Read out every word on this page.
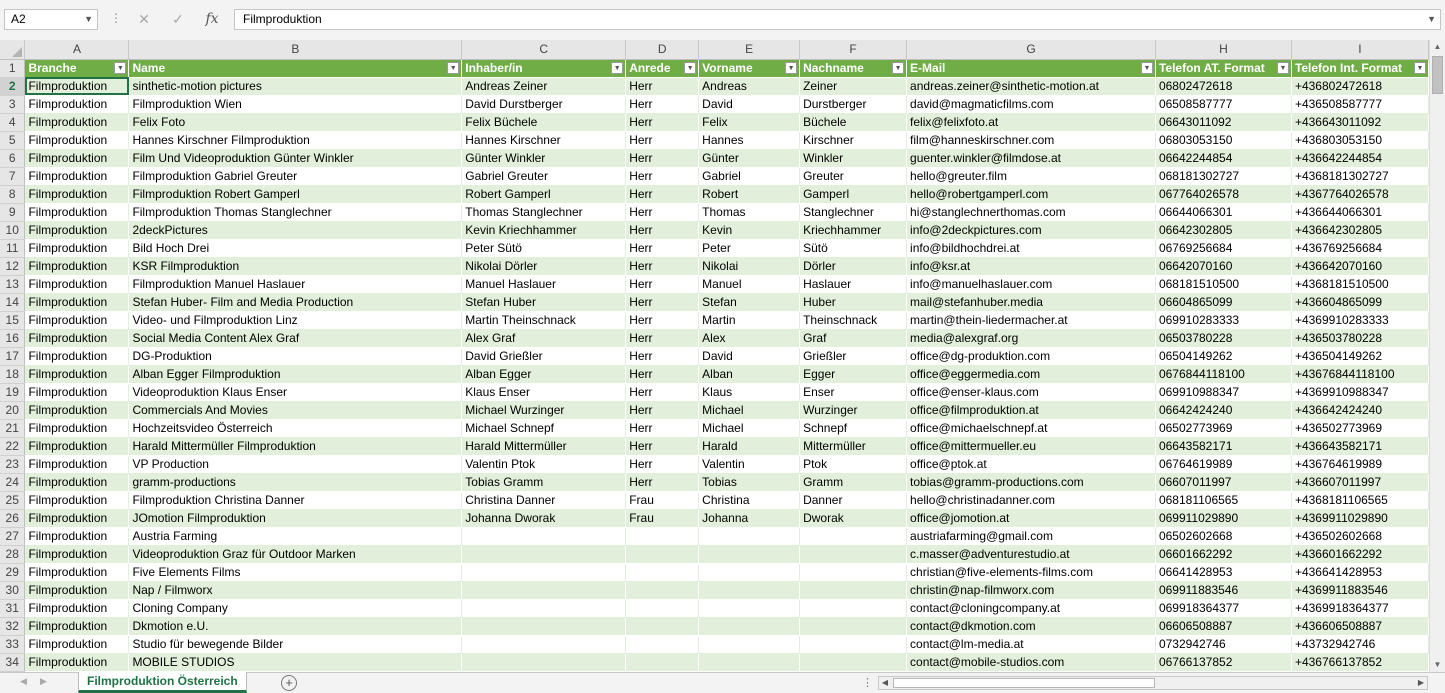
A2	▼ ⋮	✕	✓	fx	Filmproduktion	▼
	A	B	C	D	E	F	G	H	I
1	Branche ▼	Name ▼	Inhaber/in ▼	Anrede ▼	Vorname ▼	Nachname ▼	E-Mail ▼	Telefon AT. Format ▼	Telefon Int. Format ▼

2	Filmproduktion	sinthetic-motion pictures	Andreas Zeiner	Herr	Andreas	Zeiner	andreas.zeiner@sinthetic-motion.at	06802472618	+436802472618
3	Filmproduktion	Filmproduktion Wien	David Durstberger	Herr	David	Durstberger	david@magmaticfilms.com	06508587777	+436508587777
4	Filmproduktion	Felix Foto	Felix Büchele	Herr	Felix	Büchele	felix@felixfoto.at	06643011092	+436643011092
5	Filmproduktion	Hannes Kirschner Filmproduktion	Hannes Kirschner	Herr	Hannes	Kirschner	film@hanneskirschner.com	06803053150	+436803053150
6	Filmproduktion	Film Und Videoproduktion Günter Winkler	Günter Winkler	Herr	Günter	Winkler	guenter.winkler@filmdose.at	06642244854	+436642244854
7	Filmproduktion	Filmproduktion Gabriel Greuter	Gabriel Greuter	Herr	Gabriel	Greuter	hello@greuter.film	068181302727	+4368181302727
8	Filmproduktion	Filmproduktion Robert Gamperl	Robert Gamperl	Herr	Robert	Gamperl	hello@robertgamperl.com	067764026578	+4367764026578
9	Filmproduktion	Filmproduktion Thomas Stanglechner	Thomas Stanglechner	Herr	Thomas	Stanglechner	hi@stanglechnerthomas.com	06644066301	+436644066301
10	Filmproduktion	2deckPictures	Kevin Kriechhammer	Herr	Kevin	Kriechhammer	info@2deckpictures.com	06642302805	+436642302805
11	Filmproduktion	Bild Hoch Drei	Peter Sütö	Herr	Peter	Sütö	info@bildhochdrei.at	06769256684	+436769256684
12	Filmproduktion	KSR Filmproduktion	Nikolai Dörler	Herr	Nikolai	Dörler	info@ksr.at	06642070160	+436642070160
13	Filmproduktion	Filmproduktion Manuel Haslauer	Manuel Haslauer	Herr	Manuel	Haslauer	info@manuelhaslauer.com	068181510500	+4368181510500
14	Filmproduktion	Stefan Huber- Film and Media Production	Stefan Huber	Herr	Stefan	Huber	mail@stefanhuber.media	06604865099	+436604865099
15	Filmproduktion	Video- und Filmproduktion Linz	Martin Theinschnack	Herr	Martin	Theinschnack	martin@thein-liedermacher.at	069910283333	+4369910283333
16	Filmproduktion	Social Media Content Alex Graf	Alex Graf	Herr	Alex	Graf	media@alexgraf.org	06503780228	+436503780228
17	Filmproduktion	DG-Produktion	David Grießler	Herr	David	Grießler	office@dg-produktion.com	06504149262	+436504149262
18	Filmproduktion	Alban Egger Filmproduktion	Alban Egger	Herr	Alban	Egger	office@eggermedia.com	0676844118100	+43676844118100
19	Filmproduktion	Videoproduktion Klaus Enser	Klaus Enser	Herr	Klaus	Enser	office@enser-klaus.com	069910988347	+4369910988347
20	Filmproduktion	Commercials And Movies	Michael Wurzinger	Herr	Michael	Wurzinger	office@filmproduktion.at	06642424240	+436642424240
21	Filmproduktion	Hochzeitsvideo Österreich	Michael Schnepf	Herr	Michael	Schnepf	office@michaelschnepf.at	06502773969	+436502773969
22	Filmproduktion	Harald Mittermüller Filmproduktion	Harald Mittermüller	Herr	Harald	Mittermüller	office@mittermueller.eu	06643582171	+436643582171
23	Filmproduktion	VP Production	Valentin Ptok	Herr	Valentin	Ptok	office@ptok.at	06764619989	+436764619989
24	Filmproduktion	gramm-productions	Tobias Gramm	Herr	Tobias	Gramm	tobias@gramm-productions.com	06607011997	+436607011997
25	Filmproduktion	Filmproduktion Christina Danner	Christina Danner	Frau	Christina	Danner	hello@christinadanner.com	068181106565	+4368181106565
26	Filmproduktion	JOmotion Filmproduktion	Johanna Dworak	Frau	Johanna	Dworak	office@jomotion.at	069911029890	+4369911029890
27	Filmproduktion	Austria Farming					austriafarming@gmail.com	06502602668	+436502602668
28	Filmproduktion	Videoproduktion Graz für Outdoor Marken					c.masser@adventurestudio.at	06601662292	+436601662292
29	Filmproduktion	Five Elements Films					christian@five-elements-films.com	06641428953	+436641428953
30	Filmproduktion	Nap / Filmworx					christin@nap-filmworx.com	069911883546	+4369911883546
31	Filmproduktion	Cloning Company					contact@cloningcompany.at	069918364377	+4369918364377
32	Filmproduktion	Dkmotion e.U.					contact@dkmotion.com	06606508887	+436606508887
33	Filmproduktion	Studio für bewegende Bilder					contact@lm-media.at	0732942746	+43732942746
34	Filmproduktion	MOBILE STUDIOS					contact@mobile-studios.com	06766137852	+436766137852
▲
▼
◀ ▶	Filmproduktion Österreich	+	⋮	◀	▶
